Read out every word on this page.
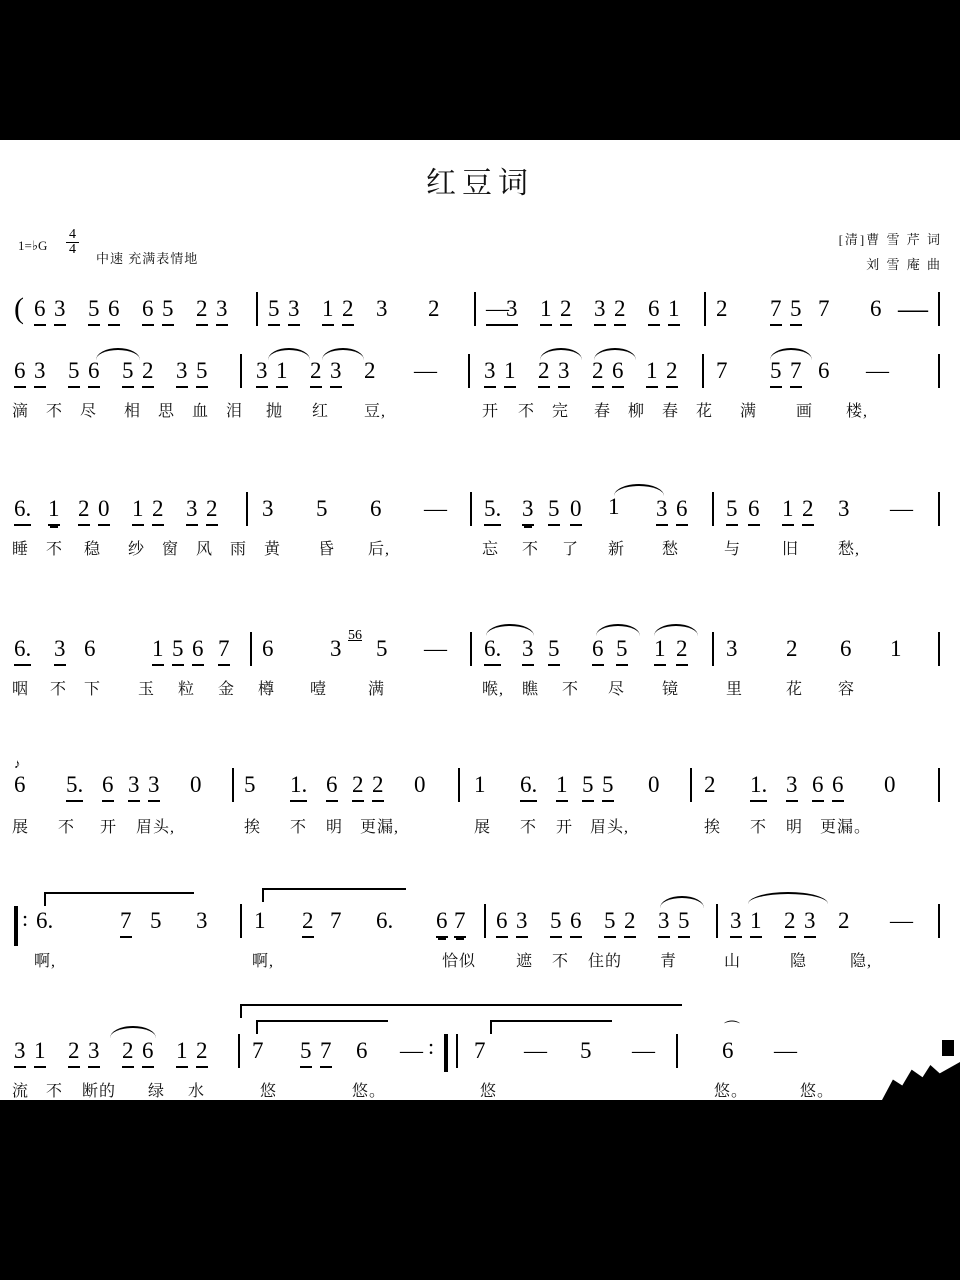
红豆词
1=♭G $\frac{4}{4}$
中速 充满表情地
[清]曹 雪 芹 词
刘 雪 庵 曲
( 6 3 5 6 6 5 2 3 5 3 1 2 3 2 —
3 1 2 3 2 6 1 2 7 5 7 6 —
6 3 5 6 5 2 3 5 3 1 2 3 2 — 3 1 2 3 2 6 1 2 7 5 7 6 —
滴 不 尽 相 思 血 泪 抛 红 豆,	开 不 完 春 柳 春 花 满 画 楼,
6. 1 2 0 1 2 3 2 3 5 6 — 5. 3 5 0 1 3 6 5 6 1 2 3 —
睡 不 稳 纱 窗 风 雨 黄 昏 后,	忘 不 了 新 愁	与	旧 愁,
56
6. 3 6 1 5 6 7 6 3 5 — 6. 3 5 6 5 1 2 3 2 6 1
咽 不 下 玉 粒 金 樽 噎	满	喉, 瞧 不 尽 镜	里	花 容
♪
6 5. 6 3 3 0 5 1. 6 2 2 0 1 6. 1 5 5 0 2 1. 3 6 6 0
展 不 开 眉头,	挨 不 明 更漏,	展 不 开 眉头,	挨 不 明 更漏。
: 6.	7 5 3 1 2 7 6. 6 7 6 3 5 6 5 2 3 5 3 1 2 3 2 —
啊,	啊,	恰似 遮 不 住的 青	山	隐	隐,
⌒
3 1 2 3 2 6 1 2 7 5 7 6 — : 7 — 5 —	6 —
流 不 断的 绿 水	悠	悠。	悠	悠。	悠。
